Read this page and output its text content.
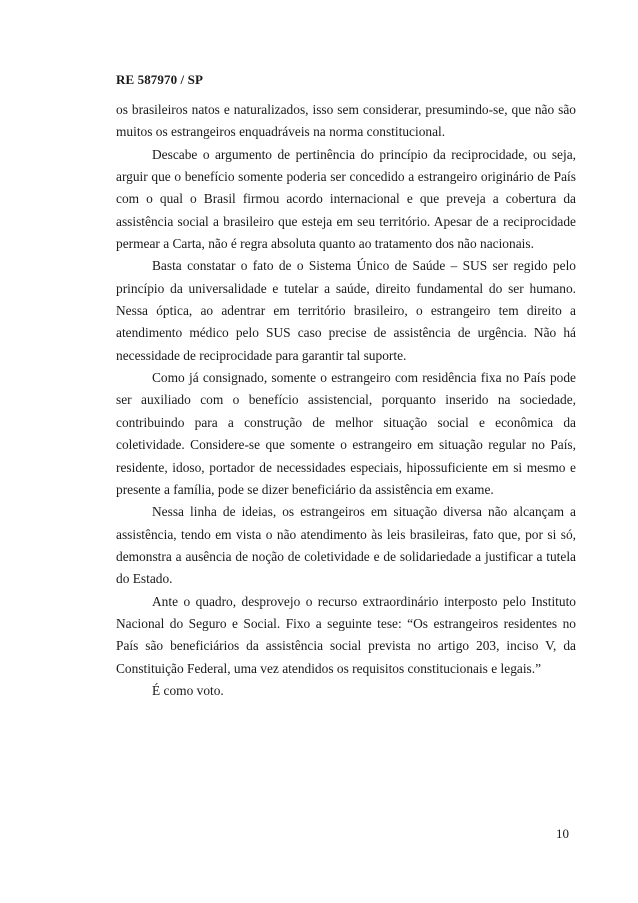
RE 587970 / SP

os brasileiros natos e naturalizados, isso sem considerar, presumindo-se, que não são muitos os estrangeiros enquadráveis na norma constitucional.

Descabe o argumento de pertinência do princípio da reciprocidade, ou seja, arguir que o benefício somente poderia ser concedido a estrangeiro originário de País com o qual o Brasil firmou acordo internacional e que preveja a cobertura da assistência social a brasileiro que esteja em seu território. Apesar de a reciprocidade permear a Carta, não é regra absoluta quanto ao tratamento dos não nacionais.

Basta constatar o fato de o Sistema Único de Saúde – SUS ser regido pelo princípio da universalidade e tutelar a saúde, direito fundamental do ser humano. Nessa óptica, ao adentrar em território brasileiro, o estrangeiro tem direito a atendimento médico pelo SUS caso precise de assistência de urgência. Não há necessidade de reciprocidade para garantir tal suporte.

Como já consignado, somente o estrangeiro com residência fixa no País pode ser auxiliado com o benefício assistencial, porquanto inserido na sociedade, contribuindo para a construção de melhor situação social e econômica da coletividade. Considere-se que somente o estrangeiro em situação regular no País, residente, idoso, portador de necessidades especiais, hipossuficiente em si mesmo e presente a família, pode se dizer beneficiário da assistência em exame.

Nessa linha de ideias, os estrangeiros em situação diversa não alcançam a assistência, tendo em vista o não atendimento às leis brasileiras, fato que, por si só, demonstra a ausência de noção de coletividade e de solidariedade a justificar a tutela do Estado.

Ante o quadro, desprovejo o recurso extraordinário interposto pelo Instituto Nacional do Seguro e Social. Fixo a seguinte tese: “Os estrangeiros residentes no País são beneficiários da assistência social prevista no artigo 203, inciso V, da Constituição Federal, uma vez atendidos os requisitos constitucionais e legais.”

É como voto.

10
